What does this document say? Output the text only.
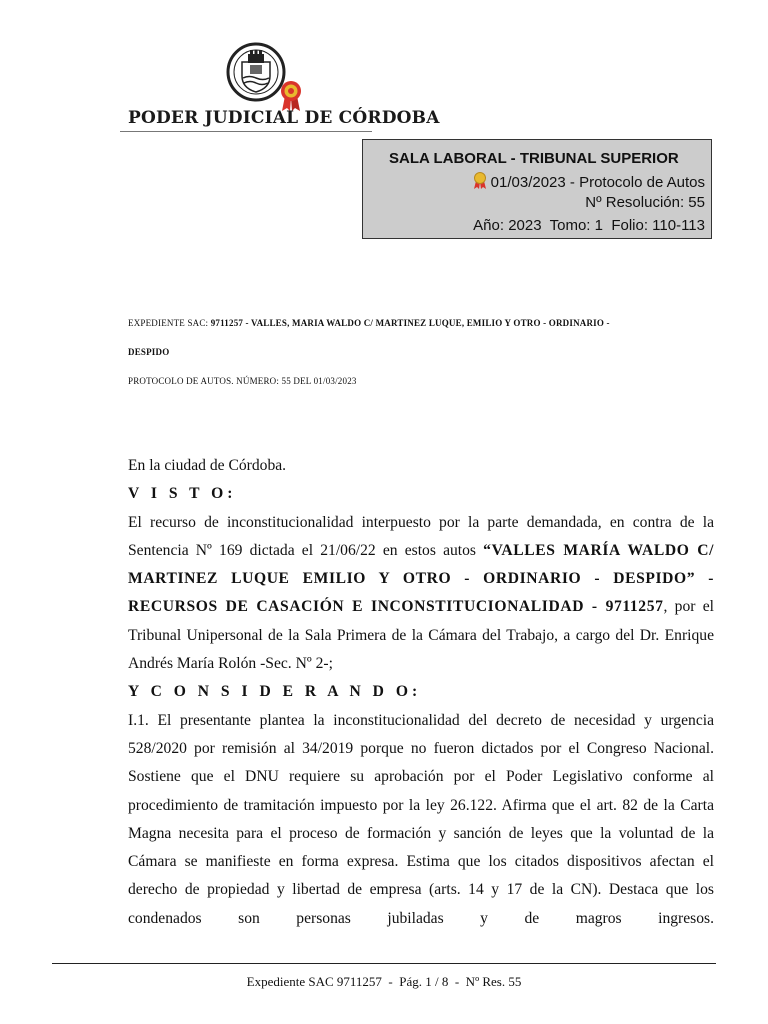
PODER JUDICIAL DE CÓRDOBA
SALA LABORAL - TRIBUNAL SUPERIOR
01/03/2023 - Protocolo de Autos
Nº Resolución: 55
Año: 2023  Tomo: 1  Folio: 110-113
EXPEDIENTE SAC: 9711257 - VALLES, MARIA WALDO C/ MARTINEZ LUQUE, EMILIO Y OTRO - ORDINARIO -
DESPIDO
PROTOCOLO DE AUTOS. NÚMERO: 55 DEL 01/03/2023

En la ciudad de Córdoba.

V I S T O:

El recurso de inconstitucionalidad interpuesto por la parte demandada, en contra de la Sentencia Nº 169 dictada el 21/06/22 en estos autos “VALLES MARÍA WALDO C/ MARTINEZ LUQUE EMILIO Y OTRO - ORDINARIO - DESPIDO” - RECURSOS DE CASACIÓN E INCONSTITUCIONALIDAD - 9711257, por el Tribunal Unipersonal de la Sala Primera de la Cámara del Trabajo, a cargo del Dr. Enrique Andrés María Rolón -Sec. Nº 2-;

Y C O N S I D E R A N D O:

I.1. El presentante plantea la inconstitucionalidad del decreto de necesidad y urgencia 528/2020 por remisión al 34/2019 porque no fueron dictados por el Congreso Nacional. Sostiene que el DNU requiere su aprobación por el Poder Legislativo conforme al procedimiento de tramitación impuesto por la ley 26.122. Afirma que el art. 82 de la Carta Magna necesita para el proceso de formación y sanción de leyes que la voluntad de la Cámara se manifieste en forma expresa. Estima que los citados dispositivos afectan el derecho de propiedad y libertad de empresa (arts. 14 y 17 de la CN). Destaca que los condenados son personas jubiladas y de magros ingresos.

Expediente SAC 9711257  -  Pág. 1 / 8  -  Nº Res. 55
